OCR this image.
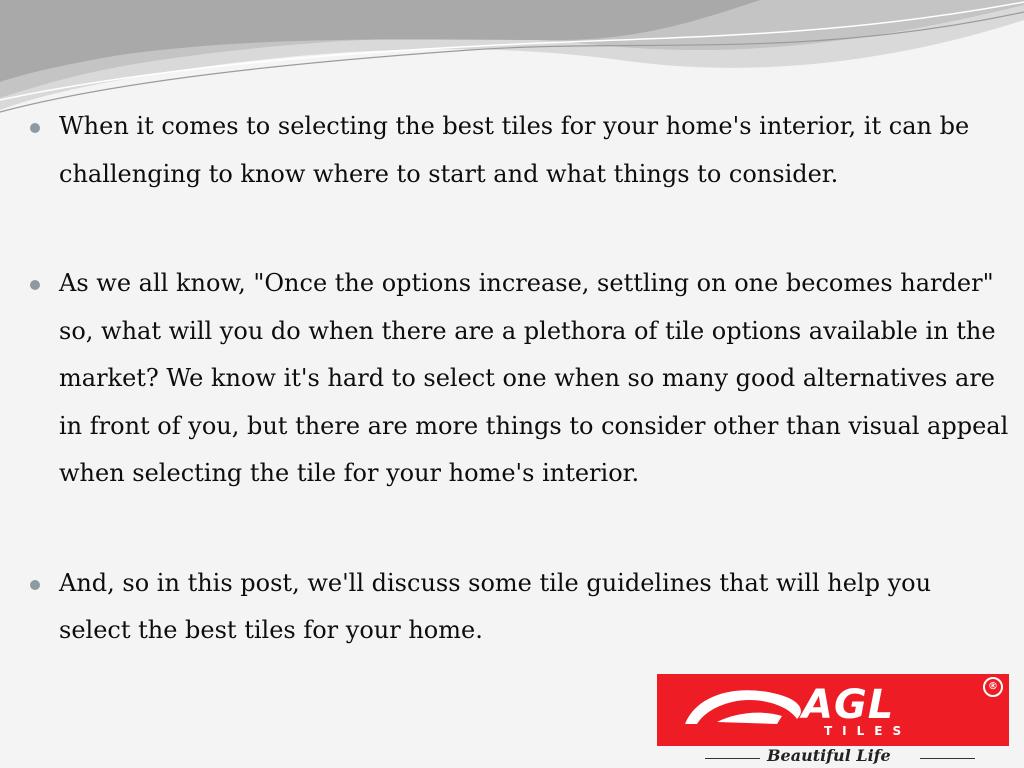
When it comes to selecting the best tiles for your home's interior, it can be challenging to know where to start and what things to consider.

As we all know, "Once the options increase, settling on one becomes harder" so, what will you do when there are a plethora of tile options available in the market? We know it's hard to select one when so many good alternatives are in front of you, but there are more things to consider other than visual appeal when selecting the tile for your home's interior.

And, so in this post, we'll discuss some tile guidelines that will help you select the best tiles for your home.

AGL
TILES
®
Beautiful Life
